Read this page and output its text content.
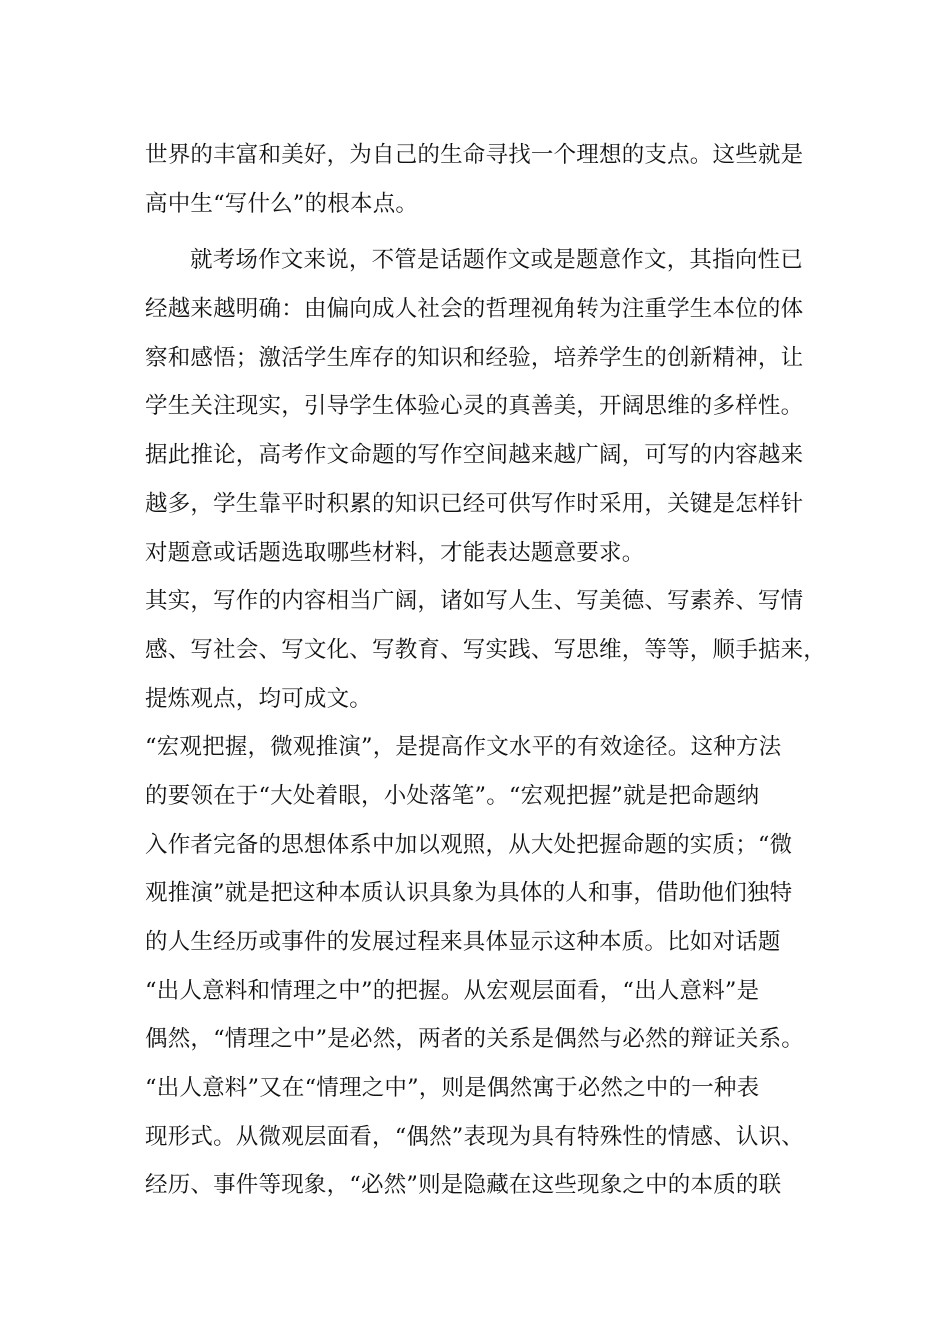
世界的丰富和美好，为自己的生命寻找一个理想的支点。这些就是
高中生“写什么”的根本点。
就考场作文来说，不管是话题作文或是题意作文，其指向性已
经越来越明确：由偏向成人社会的哲理视角转为注重学生本位的体
察和感悟；激活学生库存的知识和经验，培养学生的创新精神，让
学生关注现实，引导学生体验心灵的真善美，开阔思维的多样性。
据此推论，高考作文命题的写作空间越来越广阔，可写的内容越来
越多，学生靠平时积累的知识已经可供写作时采用，关键是怎样针
对题意或话题选取哪些材料，才能表达题意要求。
其实，写作的内容相当广阔，诸如写人生、写美德、写素养、写情
感、写社会、写文化、写教育、写实践、写思维，等等，顺手掂来，
提炼观点，均可成文。
“宏观把握，微观推演”，是提高作文水平的有效途径。这种方法
的要领在于“大处着眼，小处落笔”。“宏观把握”就是把命题纳
入作者完备的思想体系中加以观照，从大处把握命题的实质；“微
观推演”就是把这种本质认识具象为具体的人和事，借助他们独特
的人生经历或事件的发展过程来具体显示这种本质。比如对话题
“出人意料和情理之中”的把握。从宏观层面看，“出人意料”是
偶然，“情理之中”是必然，两者的关系是偶然与必然的辩证关系。
“出人意料”又在“情理之中”，则是偶然寓于必然之中的一种表
现形式。从微观层面看，“偶然”表现为具有特殊性的情感、认识、
经历、事件等现象，“必然”则是隐藏在这些现象之中的本质的联
